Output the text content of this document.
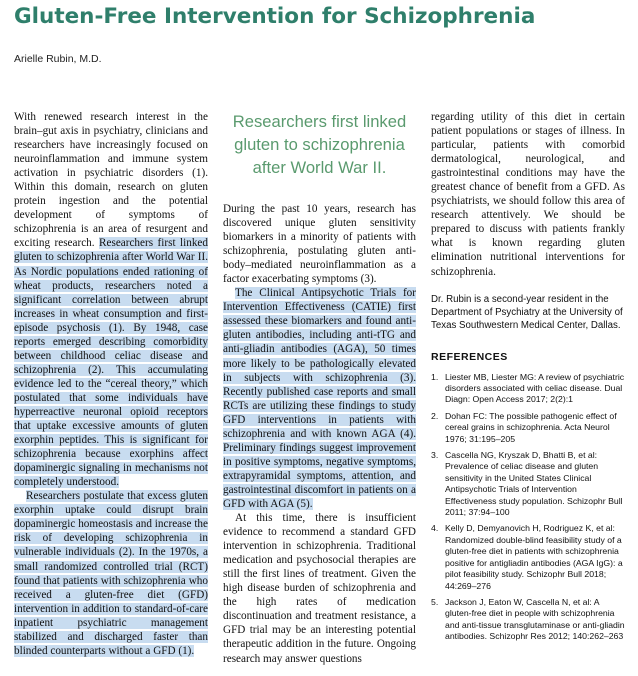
Gluten-Free Intervention for Schizophrenia
Arielle Rubin, M.D.

With renewed research interest in the brain–gut axis in psychiatry, clinicians and researchers have increasingly focused on neuroinflammation and immune system activation in psychiatric disorders (1). Within this domain, research on gluten protein ingestion and the potential development of symptoms of schizophrenia is an area of resurgent and exciting research. Researchers first linked gluten to schizophrenia after World War II. As Nordic populations ended rationing of wheat products, researchers noted a significant correlation between abrupt increases in wheat consumption and first-episode psychosis (1). By 1948, case reports emerged describing comorbidity between childhood celiac disease and schizophrenia (2). This accumulating evidence led to the “cereal theory,” which postulated that some individuals have hyperreactive neuronal opioid receptors that uptake excessive amounts of gluten exorphin peptides. This is significant for schizophrenia because exorphins affect dopaminergic signaling in mechanisms not completely understood.

Researchers postulate that excess gluten exorphin uptake could disrupt brain dopaminergic homeostasis and increase the risk of developing schizophrenia in vulnerable individuals (2). In the 1970s, a small randomized controlled trial (RCT) found that patients with schizophrenia who received a gluten-free diet (GFD) intervention in addition to standard-of-care inpatient psychiatric management stabilized and discharged faster than blinded counterparts without a GFD (1).

Researchers first linked gluten to schizophrenia after World War II.

During the past 10 years, research has discovered unique gluten sensitivity biomarkers in a minority of patients with schizophrenia, postulating gluten anti-body–mediated neuroinflammation as a factor exacerbating symptoms (3).

The Clinical Antipsychotic Trials for Intervention Effectiveness (CATIE) first assessed these biomarkers and found anti-gluten antibodies, including anti-tTG and anti-gliadin antibodies (AGA), 50 times more likely to be pathologically elevated in subjects with schizophrenia (3). Recently published case reports and small RCTs are utilizing these findings to study GFD interventions in patients with schizophrenia and with known AGA (4). Preliminary findings suggest improvement in positive symptoms, negative symptoms, extrapyramidal symptoms, attention, and gastrointestinal discomfort in patients on a GFD with AGA (5).

At this time, there is insufficient evidence to recommend a standard GFD intervention in schizophrenia. Traditional medication and psychosocial therapies are still the first lines of treatment. Given the high disease burden of schizophrenia and the high rates of medication discontinuation and treatment resistance, a GFD trial may be an interesting potential therapeutic addition in the future. Ongoing research may answer questions

regarding utility of this diet in certain patient populations or stages of illness. In particular, patients with comorbid dermatological, neurological, and gastrointestinal conditions may have the greatest chance of benefit from a GFD. As psychiatrists, we should follow this area of research attentively. We should be prepared to discuss with patients frankly what is known regarding gluten elimination nutritional interventions for schizophrenia.

Dr. Rubin is a second-year resident in the Department of Psychiatry at the University of Texas Southwestern Medical Center, Dallas.
REFERENCES
1. Liester MB, Liester MG: A review of psychiatric disorders associated with celiac disease. Dual Diagn: Open Access 2017; 2(2):1
2. Dohan FC: The possible pathogenic effect of cereal grains in schizophrenia. Acta Neurol 1976; 31:195–205
3. Cascella NG, Kryszak D, Bhatti B, et al: Prevalence of celiac disease and gluten sensitivity in the United States Clinical Antipsychotic Trials of Intervention Effectiveness study population. Schizophr Bull 2011; 37:94–100
4. Kelly D, Demyanovich H, Rodriguez K, et al: Randomized double-blind feasibility study of a gluten-free diet in patients with schizophrenia positive for antigliadin antibodies (AGA IgG): a pilot feasibility study. Schizophr Bull 2018; 44:269–276
5. Jackson J, Eaton W, Cascella N, et al: A gluten-free diet in people with schizophrenia and anti-tissue transglutaminase or anti-gliadin antibodies. Schizophr Res 2012; 140:262–263
